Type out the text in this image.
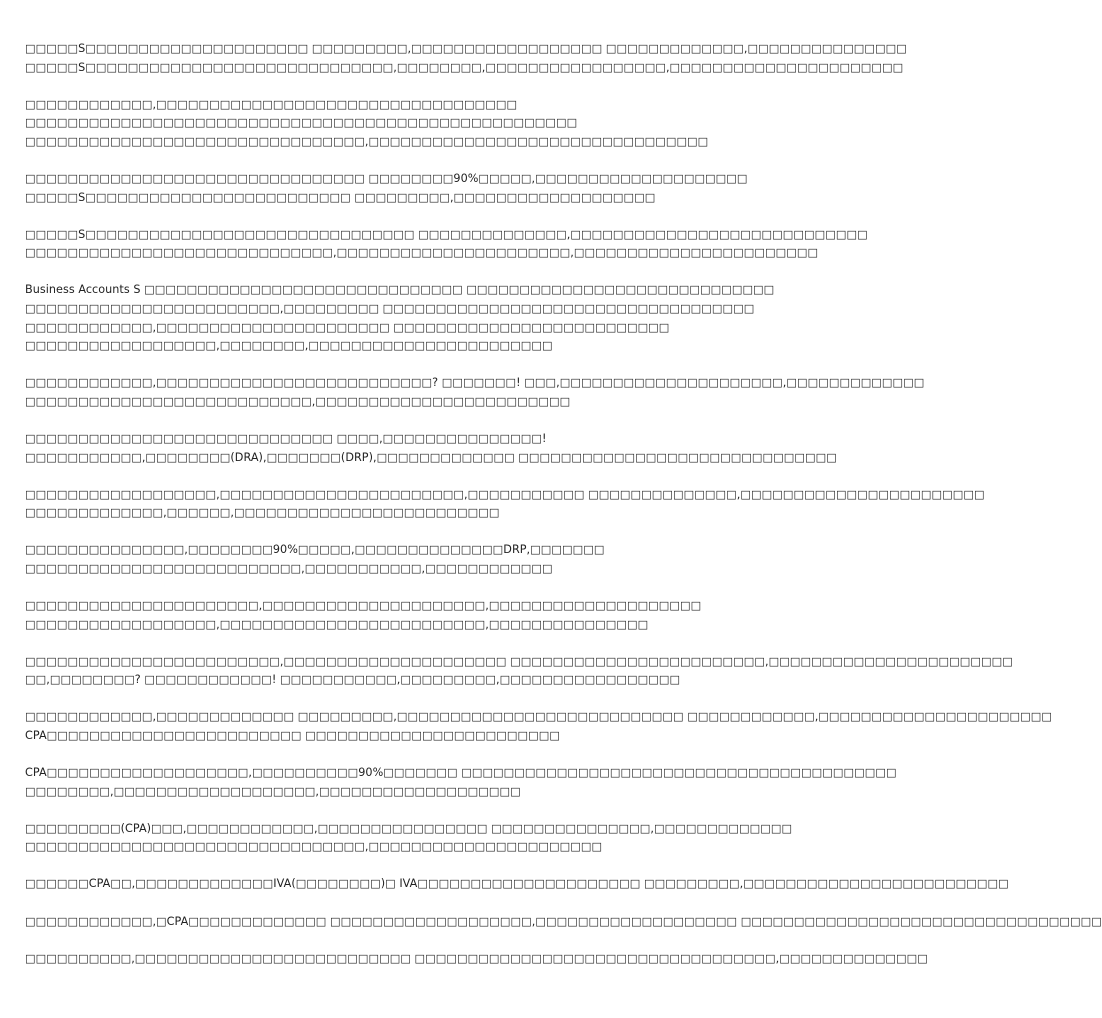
□□□□□S□□□□□□□□□□□□□□□□□□□□□ □□□□□□□□□,□□□□□□□□□□□□□□□□□□ □□□□□□□□□□□□□,□□□□□□□□□□□□□□□
□□□□□S□□□□□□□□□□□□□□□□□□□□□□□□□□□□□,□□□□□□□□,□□□□□□□□□□□□□□□□□,□□□□□□□□□□□□□□□□□□□□□□

□□□□□□□□□□□□,□□□□□□□□□□□□□□□□□□□□□□□□□□□□□□□□□□
□□□□□□□□□□□□□□□□□□□□□□□□□□□□□□□□□□□□□□□□□□□□□□□□□□□□
□□□□□□□□□□□□□□□□□□□□□□□□□□□□□□□□,□□□□□□□□□□□□□□□□□□□□□□□□□□□□□□□□

□□□□□□□□□□□□□□□□□□□□□□□□□□□□□□□□ □□□□□□□□90%□□□□□,□□□□□□□□□□□□□□□□□□□□
□□□□□S□□□□□□□□□□□□□□□□□□□□□□□□□ □□□□□□□□□,□□□□□□□□□□□□□□□□□□□

□□□□□S□□□□□□□□□□□□□□□□□□□□□□□□□□□□□□□ □□□□□□□□□□□□□□,□□□□□□□□□□□□□□□□□□□□□□□□□□□□
□□□□□□□□□□□□□□□□□□□□□□□□□□□□□,□□□□□□□□□□□□□□□□□□□□□□,□□□□□□□□□□□□□□□□□□□□□□□

Business Accounts S □□□□□□□□□□□□□□□□□□□□□□□□□□□□□□ □□□□□□□□□□□□□□□□□□□□□□□□□□□□□
□□□□□□□□□□□□□□□□□□□□□□□□,□□□□□□□□□ □□□□□□□□□□□□□□□□□□□□□□□□□□□□□□□□□□□
□□□□□□□□□□□□,□□□□□□□□□□□□□□□□□□□□□□ □□□□□□□□□□□□□□□□□□□□□□□□□□
□□□□□□□□□□□□□□□□□□,□□□□□□□□,□□□□□□□□□□□□□□□□□□□□□□□

□□□□□□□□□□□□,□□□□□□□□□□□□□□□□□□□□□□□□□□? □□□□□□□! □□□,□□□□□□□□□□□□□□□□□□□□□,□□□□□□□□□□□□□
□□□□□□□□□□□□□□□□□□□□□□□□□□□,□□□□□□□□□□□□□□□□□□□□□□□□

□□□□□□□□□□□□□□□□□□□□□□□□□□□□□ □□□□,□□□□□□□□□□□□□□□!
□□□□□□□□□□□,□□□□□□□□(DRA),□□□□□□□(DRP),□□□□□□□□□□□□□ □□□□□□□□□□□□□□□□□□□□□□□□□□□□□□

□□□□□□□□□□□□□□□□□□,□□□□□□□□□□□□□□□□□□□□□□□,□□□□□□□□□□□ □□□□□□□□□□□□□□,□□□□□□□□□□□□□□□□□□□□□□□
□□□□□□□□□□□□□,□□□□□□,□□□□□□□□□□□□□□□□□□□□□□□□□

□□□□□□□□□□□□□□□,□□□□□□□□90%□□□□□,□□□□□□□□□□□□□□DRP,□□□□□□□
□□□□□□□□□□□□□□□□□□□□□□□□□□,□□□□□□□□□□□,□□□□□□□□□□□□

□□□□□□□□□□□□□□□□□□□□□□,□□□□□□□□□□□□□□□□□□□□□,□□□□□□□□□□□□□□□□□□□□
□□□□□□□□□□□□□□□□□□,□□□□□□□□□□□□□□□□□□□□□□□□□,□□□□□□□□□□□□□□□

□□□□□□□□□□□□□□□□□□□□□□□□,□□□□□□□□□□□□□□□□□□□□□ □□□□□□□□□□□□□□□□□□□□□□□□,□□□□□□□□□□□□□□□□□□□□□□□
□□,□□□□□□□□? □□□□□□□□□□□□! □□□□□□□□□□□,□□□□□□□□□,□□□□□□□□□□□□□□□□□

□□□□□□□□□□□□,□□□□□□□□□□□□□ □□□□□□□□□,□□□□□□□□□□□□□□□□□□□□□□□□□□□ □□□□□□□□□□□□,□□□□□□□□□□□□□□□□□□□□□□
CPA□□□□□□□□□□□□□□□□□□□□□□□□ □□□□□□□□□□□□□□□□□□□□□□□□

CPA□□□□□□□□□□□□□□□□□□□,□□□□□□□□□□90%□□□□□□□ □□□□□□□□□□□□□□□□□□□□□□□□□□□□□□□□□□□□□□□□□
□□□□□□□□,□□□□□□□□□□□□□□□□□□□,□□□□□□□□□□□□□□□□□□□

□□□□□□□□□(CPA)□□□,□□□□□□□□□□□□,□□□□□□□□□□□□□□□□ □□□□□□□□□□□□□□□,□□□□□□□□□□□□□
□□□□□□□□□□□□□□□□□□□□□□□□□□□□□□□□,□□□□□□□□□□□□□□□□□□□□□□

□□□□□□CPA□□,□□□□□□□□□□□□□IVA(□□□□□□□□)□ IVA□□□□□□□□□□□□□□□□□□□□□ □□□□□□□□□,□□□□□□□□□□□□□□□□□□□□□□□□□

□□□□□□□□□□□□,□CPA□□□□□□□□□□□□□ □□□□□□□□□□□□□□□□□□□,□□□□□□□□□□□□□□□□□□□ □□□□□□□□□□□□□□□□□□□□□□□□□□□□□□□□□□

□□□□□□□□□□,□□□□□□□□□□□□□□□□□□□□□□□□□□ □□□□□□□□□□□□□□□□□□□□□□□□□□□□□□□□□□,□□□□□□□□□□□□□□
